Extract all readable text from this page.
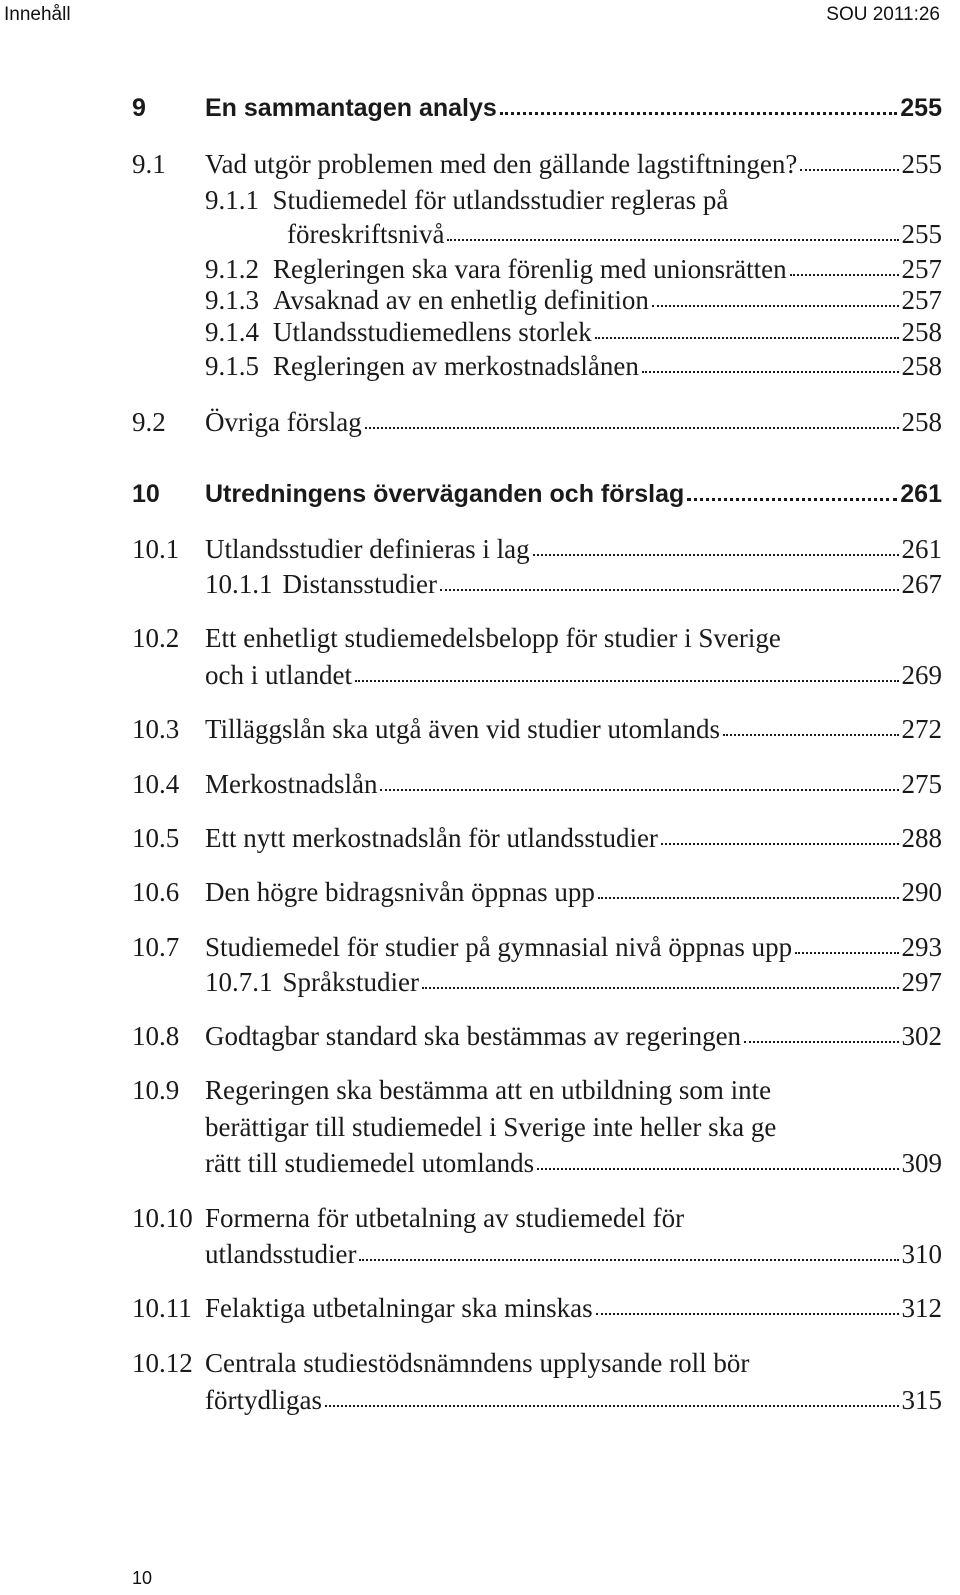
Innehåll	SOU 2011:26
9	En sammantagen analys	255
9.1	Vad utgör problemen med den gällande lagstiftningen?	255
9.1.1 Studiemedel för utlandsstudier regleras på
föreskriftsnivå	255
9.1.2 Regleringen ska vara förenlig med unionsrätten	257
9.1.3 Avsaknad av en enhetlig definition	257
9.1.4 Utlandsstudiemedlens storlek	258
9.1.5 Regleringen av merkostnadslånen	258
9.2	Övriga förslag	258
10	Utredningens överväganden och förslag	261
10.1 Utlandsstudier definieras i lag	261
10.1.1 Distansstudier	267
10.2 Ett enhetligt studiemedelsbelopp för studier i Sverige
och i utlandet	269
10.3 Tilläggslån ska utgå även vid studier utomlands	272
10.4 Merkostnadslån	275
10.5 Ett nytt merkostnadslån för utlandsstudier	288
10.6 Den högre bidragsnivån öppnas upp	290
10.7 Studiemedel för studier på gymnasial nivå öppnas upp	293
10.7.1 Språkstudier	297
10.8 Godtagbar standard ska bestämmas av regeringen	302
10.9 Regeringen ska bestämma att en utbildning som inte
berättigar till studiemedel i Sverige inte heller ska ge
rätt till studiemedel utomlands	309
10.10 Formerna för utbetalning av studiemedel för
utlandsstudier	310
10.11 Felaktiga utbetalningar ska minskas	312
10.12 Centrala studiestödsnämndens upplysande roll bör
förtydligas	315
10
